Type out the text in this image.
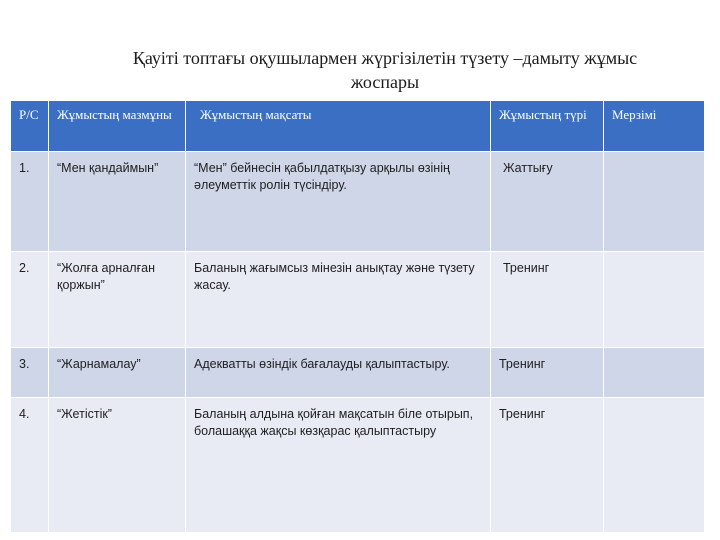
Қауіті топтағы оқушылармен жүргізілетін түзету –дамыту жұмыс
жоспары
Р/С	Жұмыстың мазмұны	Жұмыстың мақсаты	Жұмыстың түрі	Мерзімі
1.	“Мен қандаймын”	“Мен” бейнесін қабылдатқызу арқылы өзінің әлеуметтік ролін түсіндіру.	Жаттығу	
2.	“Жолға арналған қоржын”	Баланың жағымсыз мінезін анықтау және түзету жасау.	Тренинг	
3.	“Жарнамалау”	Адекватты өзіндік бағалауды қалыптастыру.	Тренинг	
4.	“Жетістік”	Баланың алдына қойған мақсатын біле отырып, болашаққа жақсы көзқарас қалыптастыру	Тренинг	
